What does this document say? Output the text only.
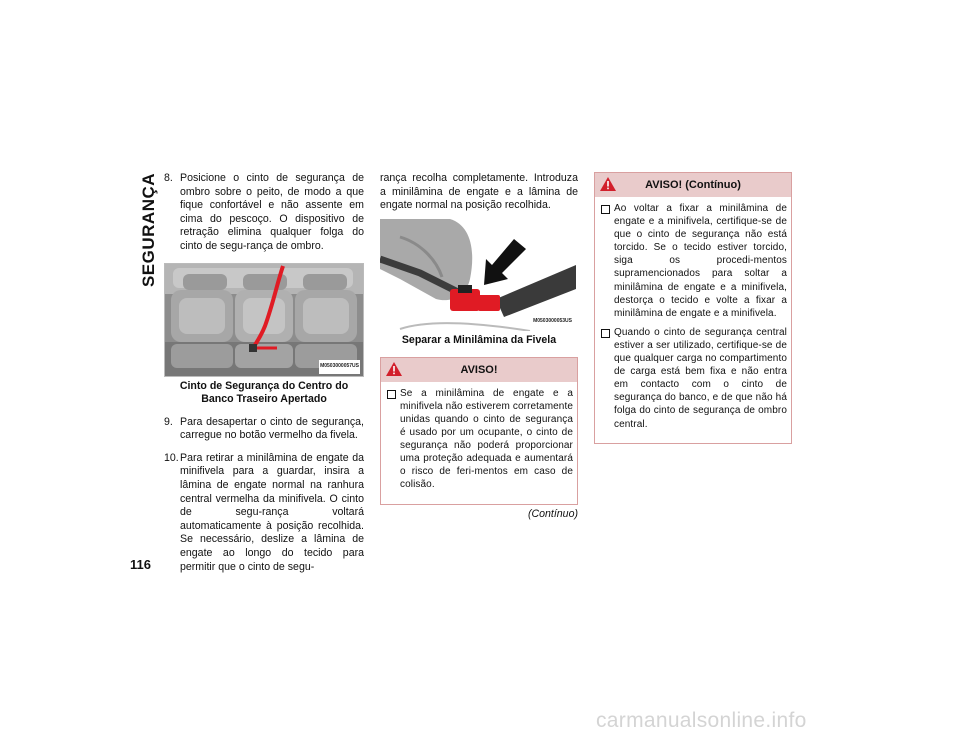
SEGURANÇA
116
8. Posicione o cinto de segurança de ombro sobre o peito, de modo a que fique confortável e não assente em cima do pescoço. O dispositivo de retração elimina qualquer folga do cinto de segu-rança de ombro.
M0503000057US
Cinto de Segurança do Centro do Banco Traseiro Apertado
9. Para desapertar o cinto de segurança, carregue no botão vermelho da fivela.
10. Para retirar a minilâmina de engate da minifivela para a guardar, insira a lâmina de engate normal na ranhura central vermelha da minifivela. O cinto de segu-rança voltará automaticamente à posição recolhida. Se necessário, deslize a lâmina de engate ao longo do tecido para permitir que o cinto de segu-
rança recolha completamente. Introduza a minilâmina de engate e a lâmina de engate normal na posição recolhida.
M0503000053US
Separar a Minilâmina da Fivela
AVISO!
Se a minilâmina de engate e a minifivela não estiverem corretamente unidas quando o cinto de segurança é usado por um ocupante, o cinto de segurança não poderá proporcionar uma proteção adequada e aumentará o risco de feri-mentos em caso de colisão.
(Contínuo)
AVISO! (Contínuo)
Ao voltar a fixar a minilâmina de engate e a minifivela, certifique-se de que o cinto de segurança não está torcido. Se o tecido estiver torcido, siga os procedi-mentos supramencionados para soltar a minilâmina de engate e a minifivela, destorça o tecido e volte a fixar a minilâmina de engate e a minifivela.
Quando o cinto de segurança central estiver a ser utilizado, certifique-se de que qualquer carga no compartimento de carga está bem fixa e não entra em contacto com o cinto de segurança do banco, e de que não há folga do cinto de segurança de ombro central.
carmanualsonline.info
